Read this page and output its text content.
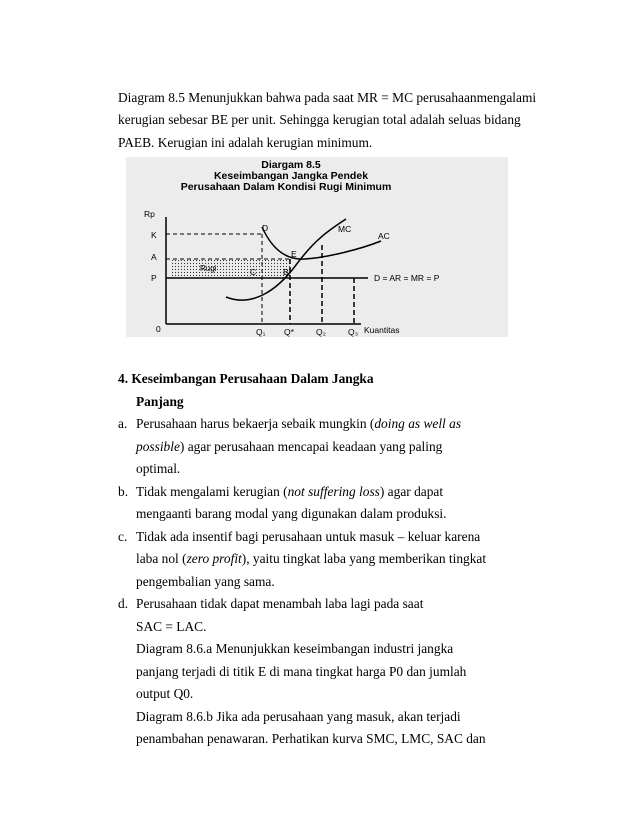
Diagram 8.5 Menunjukkan bahwa pada saat MR = MC perusahaanmengalami
kerugian sebesar BE per unit. Sehingga kerugian total adalah seluas bidang
PAEB. Kerugian ini adalah kerugian minimum.
Diargam 8.5
Keseimbangan Jangka Pendek
Perusahaan Dalam Kondisi Rugi Minimum
Rugi
Rp
Kuantitas
0
K
A
P	D = AR = MR = P
MC
AC
D
E
C	B
Q₁ Q*	Q₂	Q₃
4. Keseimbangan Perusahaan Dalam Jangka
Panjang
a. Perusahaan harus bekaerja sebaik mungkin (doing as well as
possible) agar perusahaan mencapai keadaan yang paling
optimal.
b. Tidak mengalami kerugian (not suffering loss) agar dapat
mengaanti barang modal yang digunakan dalam produksi.
c. Tidak ada insentif bagi perusahaan untuk masuk – keluar karena
laba nol (zero profit), yaitu tingkat laba yang memberikan tingkat
pengembalian yang sama.
d. Perusahaan tidak dapat menambah laba lagi pada saat
SAC = LAC.
Diagram 8.6.a Menunjukkan keseimbangan industri jangka
panjang terjadi di titik E di mana tingkat harga P0 dan jumlah
output Q0.
Diagram 8.6.b Jika ada perusahaan yang masuk, akan terjadi
penambahan penawaran. Perhatikan kurva SMC, LMC, SAC dan
